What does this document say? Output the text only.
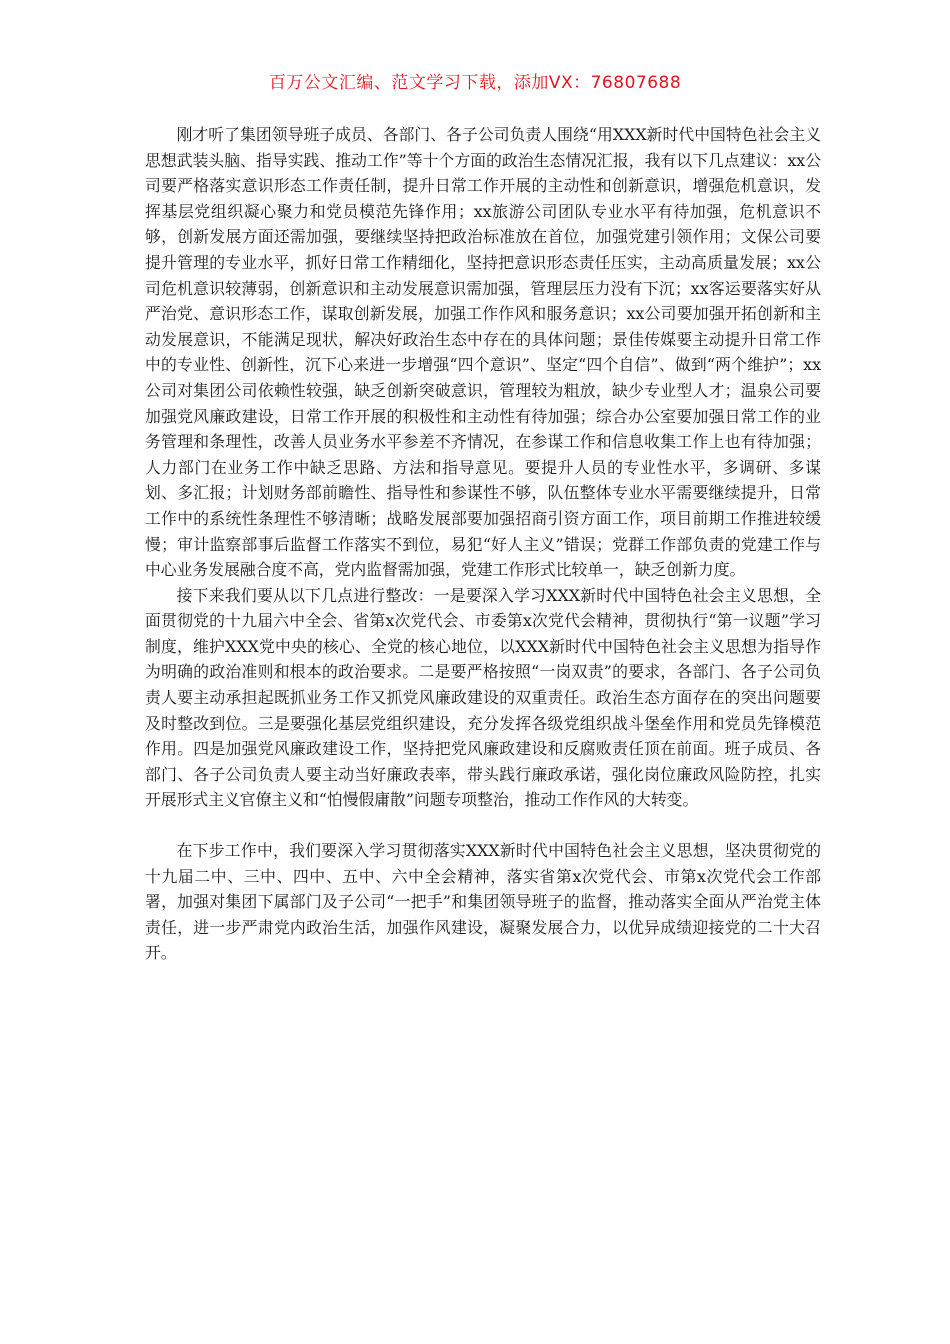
百万公文汇编、范文学习下载，添加VX：76807688

刚才听了集团领导班子成员、各部门、各子公司负责人围绕“用XXX新时代中国特色社会主义思想武装头脑、指导实践、推动工作”等十个方面的政治生态情况汇报，我有以下几点建议：xx公司要严格落实意识形态工作责任制，提升日常工作开展的主动性和创新意识，增强危机意识，发挥基层党组织凝心聚力和党员模范先锋作用；xx旅游公司团队专业水平有待加强，危机意识不够，创新发展方面还需加强，要继续坚持把政治标准放在首位，加强党建引领作用；文保公司要提升管理的专业水平，抓好日常工作精细化，坚持把意识形态责任压实，主动高质量发展；xx公司危机意识较薄弱，创新意识和主动发展意识需加强，管理层压力没有下沉；xx客运要落实好从严治党、意识形态工作，谋取创新发展，加强工作作风和服务意识；xx公司要加强开拓创新和主动发展意识，不能满足现状，解决好政治生态中存在的具体问题；景佳传媒要主动提升日常工作中的专业性、创新性，沉下心来进一步增强“四个意识”、坚定“四个自信”、做到“两个维护”；xx公司对集团公司依赖性较强，缺乏创新突破意识，管理较为粗放，缺少专业型人才；温泉公司要加强党风廉政建设，日常工作开展的积极性和主动性有待加强；综合办公室要加强日常工作的业务管理和条理性，改善人员业务水平参差不齐情况，在参谋工作和信息收集工作上也有待加强；人力部门在业务工作中缺乏思路、方法和指导意见。要提升人员的专业性水平，多调研、多谋划、多汇报；计划财务部前瞻性、指导性和参谋性不够，队伍整体专业水平需要继续提升，日常工作中的系统性条理性不够清晰；战略发展部要加强招商引资方面工作，项目前期工作推进较缓慢；审计监察部事后监督工作落实不到位，易犯“好人主义”错误；党群工作部负责的党建工作与中心业务发展融合度不高，党内监督需加强，党建工作形式比较单一，缺乏创新力度。

接下来我们要从以下几点进行整改：一是要深入学习XXX新时代中国特色社会主义思想，全面贯彻党的十九届六中全会、省第x次党代会、市委第x次党代会精神，贯彻执行“第一议题”学习制度，维护XXX党中央的核心、全党的核心地位，以XXX新时代中国特色社会主义思想为指导作为明确的政治准则和根本的政治要求。二是要严格按照“一岗双责”的要求，各部门、各子公司负责人要主动承担起既抓业务工作又抓党风廉政建设的双重责任。政治生态方面存在的突出问题要及时整改到位。三是要强化基层党组织建设，充分发挥各级党组织战斗堡垒作用和党员先锋模范作用。四是加强党风廉政建设工作，坚持把党风廉政建设和反腐败责任顶在前面。班子成员、各部门、各子公司负责人要主动当好廉政表率，带头践行廉政承诺，强化岗位廉政风险防控，扎实开展形式主义官僚主义和“怕慢假庸散”问题专项整治，推动工作作风的大转变。

在下步工作中，我们要深入学习贯彻落实XXX新时代中国特色社会主义思想，坚决贯彻党的十九届二中、三中、四中、五中、六中全会精神，落实省第x次党代会、市第x次党代会工作部署，加强对集团下属部门及子公司“一把手”和集团领导班子的监督，推动落实全面从严治党主体责任，进一步严肃党内政治生活，加强作风建设，凝聚发展合力，以优异成绩迎接党的二十大召开。
